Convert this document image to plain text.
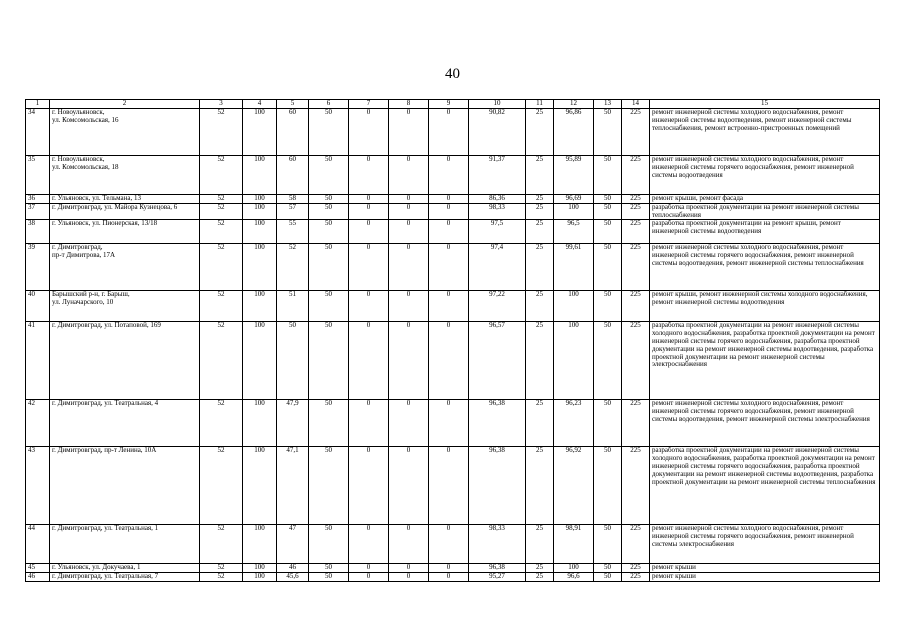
40
1	2	3	4	5	6	7	8	9	10	11	12	13	14	15
34	г. Новоульяновск,
ул. Комсомольская, 16	52	100	60	50	0	0	0	90,82	25	96,86	50	225	ремонт инженерной системы холодного водоснабжения, ремонт инженерной системы водоотведения, ремонт инженерной системы теплоснабжения, ремонт встроенно-пристроенных помещений
35	г. Новоульяновск,
ул. Комсомольская, 18	52	100	60	50	0	0	0	91,37	25	95,89	50	225	ремонт инженерной системы холодного водоснабжения, ремонт инженерной системы горячего водоснабжения, ремонт инженерной системы водоотведения
36	г. Ульяновск, ул. Тельмана, 13	52	100	58	50	0	0	0	86,36	25	96,69	50	225	ремонт крыши, ремонт фасада
37	г. Димитровград, ул. Майора Кузнецова, 6	52	100	57	50	0	0	0	98,33	25	100	50	225	разработка проектной документации на ремонт инженерной системы теплоснабжения
38	г. Ульяновск, ул. Пионерская, 13/18	52	100	55	50	0	0	0	97,5	25	96,5	50	225	разработка проектной документации на ремонт крыши, ремонт инженерной системы водоотведения
39	г. Димитровград,
пр-т Димитрова, 17А	52	100	52	50	0	0	0	97,4	25	99,61	50	225	ремонт инженерной системы холодного водоснабжения, ремонт инженерной системы горячего водоснабжения, ремонт инженерной системы водоотведения, ремонт инженерной системы теплоснабжения
40	Барышский р-н, г. Барыш,
ул. Луначарского, 10	52	100	51	50	0	0	0	97,22	25	100	50	225	ремонт крыши, ремонт инженерной системы холодного водоснабжения, ремонт инженерной системы водоотведения
41	г. Димитровград, ул. Потаповой, 169	52	100	50	50	0	0	0	96,57	25	100	50	225	разработка проектной документации на ремонт инженерной системы холодного водоснабжения, разработка проектной документации на ремонт инженерной системы горячего водоснабжения, разработка проектной документации на ремонт инженерной системы водоотведения, разработка проектной документации на ремонт инженерной системы электроснабжения
42	г. Димитровград, ул. Театральная, 4	52	100	47,9	50	0	0	0	96,38	25	96,23	50	225	ремонт инженерной системы холодного водоснабжения, ремонт инженерной системы горячего водоснабжения, ремонт инженерной системы водоотведения, ремонт инженерной системы электроснабжения
43	г. Димитровград, пр-т Ленина, 10А	52	100	47,1	50	0	0	0	96,38	25	96,92	50	225	разработка проектной документации на ремонт инженерной системы холодного водоснабжения, разработка проектной документации на ремонт инженерной системы горячего водоснабжения, разработка проектной документации на ремонт инженерной системы водоотведения, разработка проектной документации на ремонт инженерной системы теплоснабжения
44	г. Димитровград, ул. Театральная, 1	52	100	47	50	0	0	0	98,33	25	98,91	50	225	ремонт инженерной системы холодного водоснабжения, ремонт инженерной системы горячего водоснабжения, ремонт инженерной системы электроснабжения
45	г. Ульяновск, ул. Докучаева, 1	52	100	46	50	0	0	0	96,38	25	100	50	225	ремонт крыши
46	г. Димитровград, ул. Театральная, 7	52	100	45,6	50	0	0	0	95,27	25	96,6	50	225	ремонт крыши
